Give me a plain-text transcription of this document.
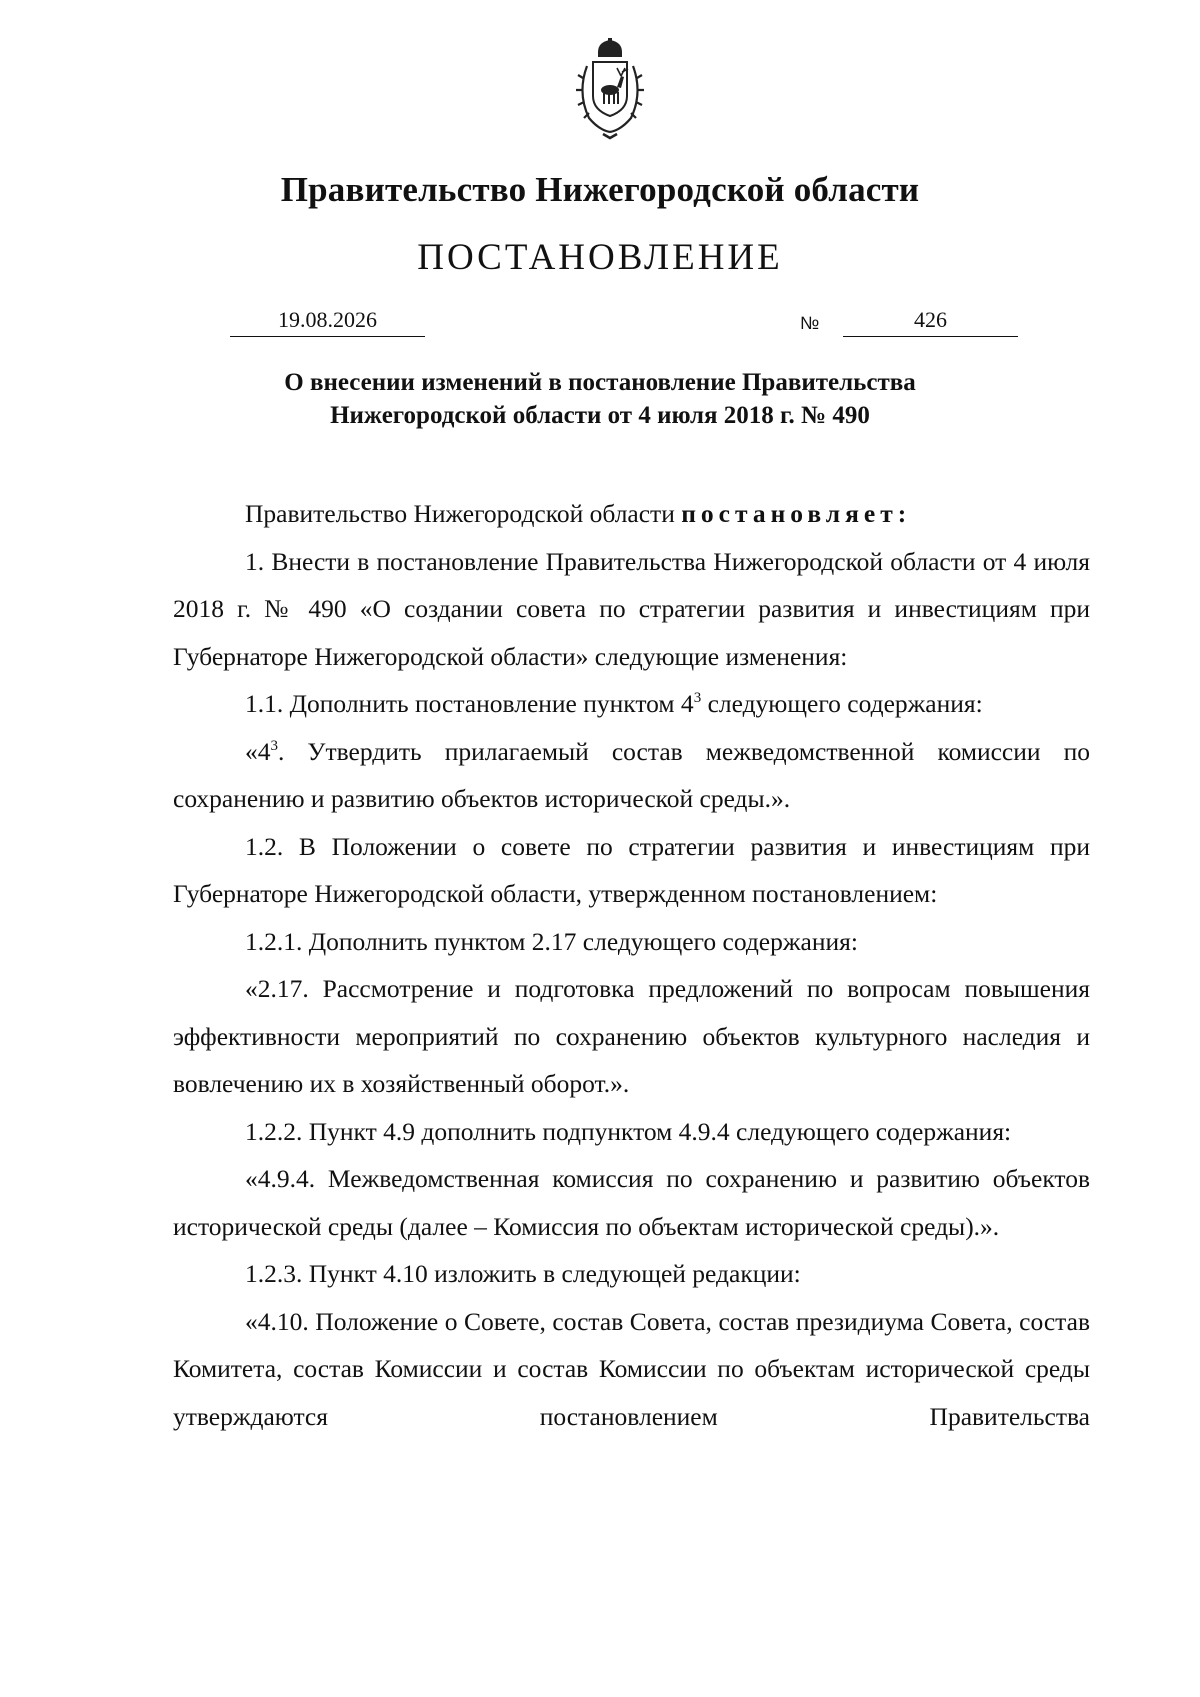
Правительство Нижегородской области
ПОСТАНОВЛЕНИЕ
19.08.2026	№	426
О внесении изменений в постановление Правительства
Нижегородской области от 4 июля 2018 г. № 490

Правительство Нижегородской области постановляет:

1. Внести в постановление Правительства Нижегородской области от 4 июля 2018 г. № 490 «О создании совета по стратегии развития и инвестициям при Губернаторе Нижегородской области» следующие изменения:

1.1. Дополнить постановление пунктом $4^3$ следующего содержания:

«$4^3$. Утвердить прилагаемый состав межведомственной комиссии по сохранению и развитию объектов исторической среды.».

1.2. В Положении о совете по стратегии развития и инвестициям при Губернаторе Нижегородской области, утвержденном постановлением:

1.2.1. Дополнить пунктом 2.17 следующего содержания:

«2.17. Рассмотрение и подготовка предложений по вопросам повышения эффективности мероприятий по сохранению объектов культурного наследия и вовлечению их в хозяйственный оборот.».

1.2.2. Пункт 4.9 дополнить подпунктом 4.9.4 следующего содержания:

«4.9.4. Межведомственная комиссия по сохранению и развитию объектов исторической среды (далее – Комиссия по объектам исторической среды).».

1.2.3. Пункт 4.10 изложить в следующей редакции:

«4.10. Положение о Совете, состав Совета, состав президиума Совета, состав Комитета, состав Комиссии и состав Комиссии по объектам исторической среды утверждаются постановлением Правительства
